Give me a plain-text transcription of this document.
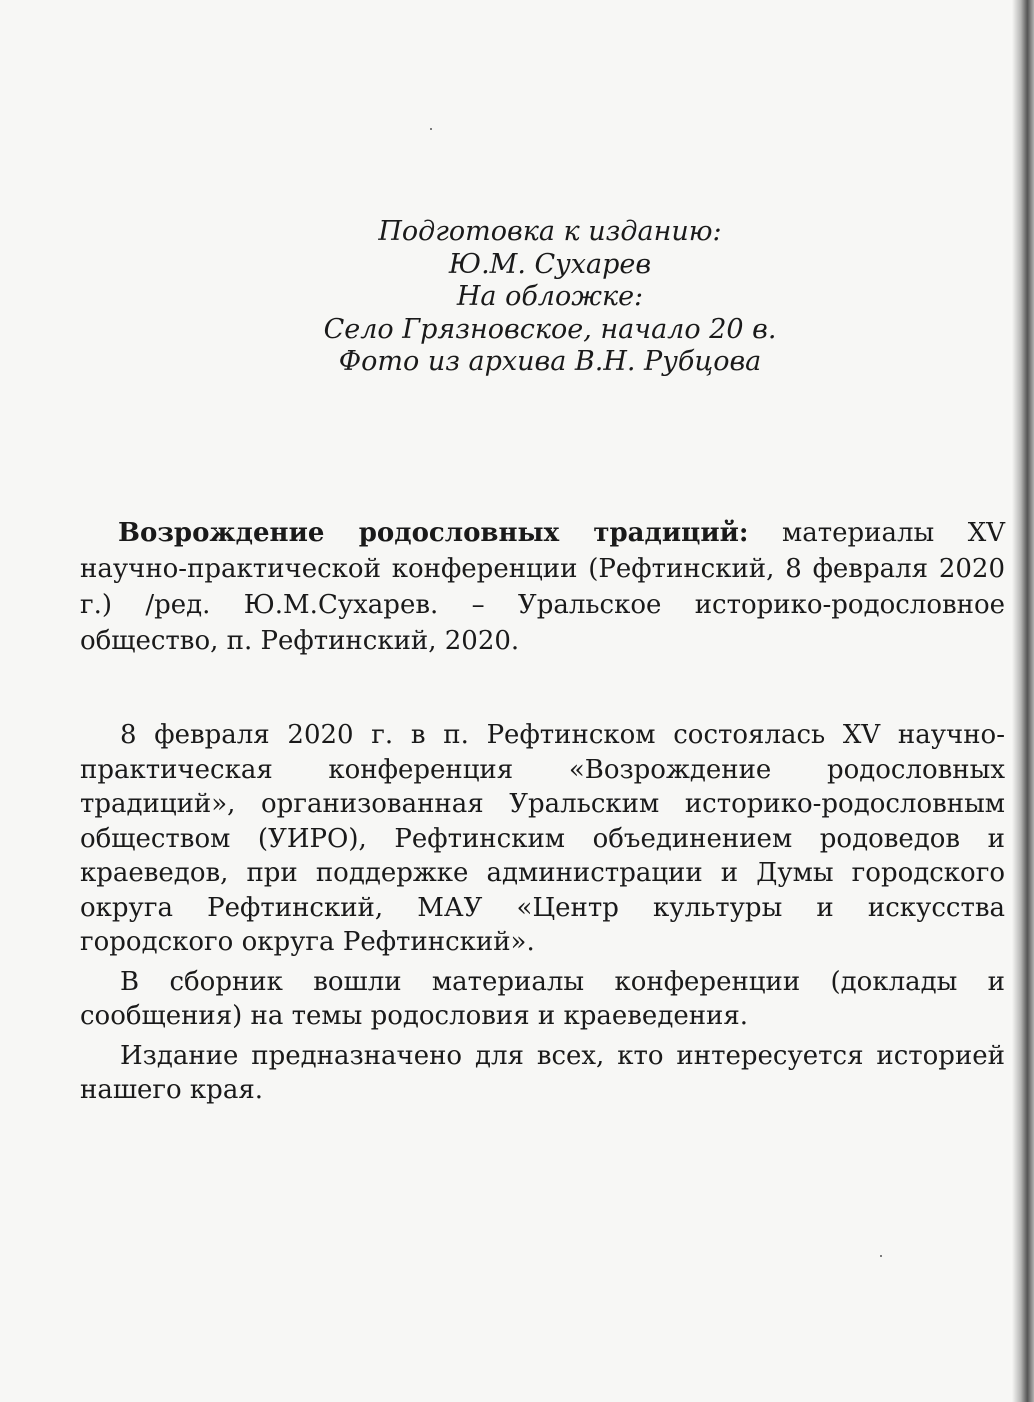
Подготовка к изданию:
Ю.М. Сухарев
На обложке:
Село Грязновское, начало 20 в.
Фото из архива В.Н. Рубцова
Возрождение родословных традиций: материалы XV научно-практической конференции (Рефтинский, 8 февраля 2020 г.) /ред. Ю.М.Сухарев. – Уральское историко-родословное общество, п. Рефтинский, 2020.

8 февраля 2020 г. в п. Рефтинском состоялась XV научно-практическая конференция «Возрождение родословных традиций», организованная Уральским историко-родословным обществом (УИРО), Рефтинским объединением родоведов и краеведов, при поддержке администрации и Думы городского округа Рефтинский, МАУ «Центр культуры и искусства городского округа Рефтинский».

В сборник вошли материалы конференции (доклады и сообщения) на темы родословия и краеведения.

Издание предназначено для всех, кто интересуется историей нашего края.
